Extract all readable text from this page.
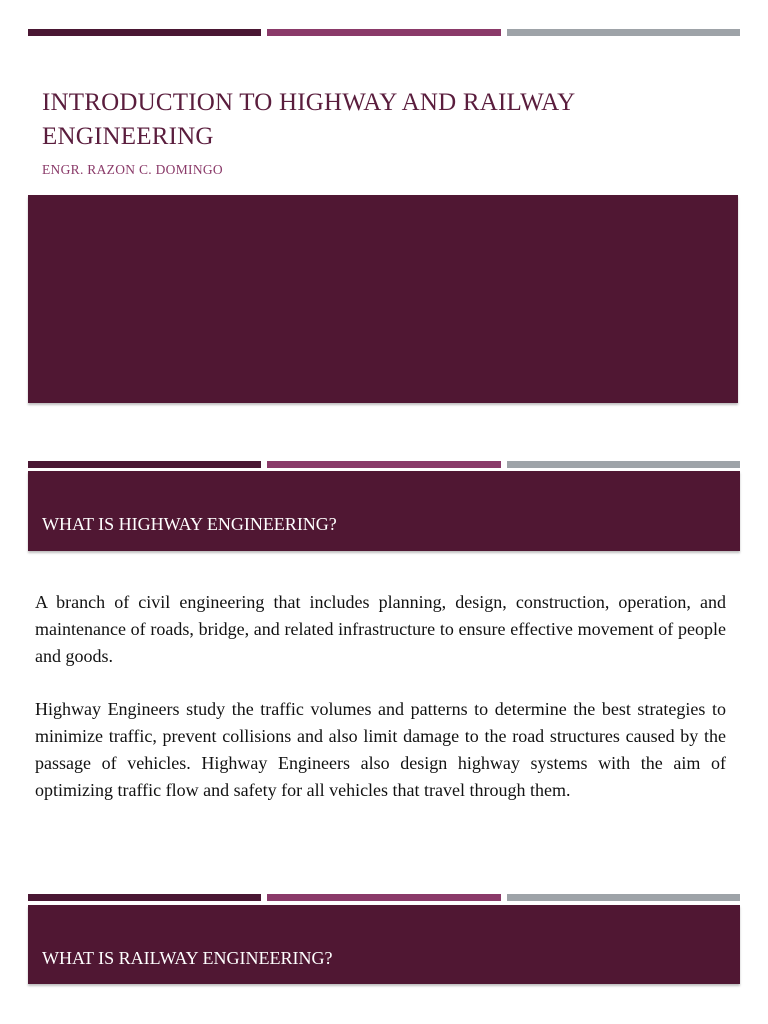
INTRODUCTION TO HIGHWAY AND RAILWAY ENGINEERING

ENGR. RAZON C. DOMINGO

WHAT IS HIGHWAY ENGINEERING?

A branch of civil engineering that includes planning, design, construction, operation, and maintenance of roads, bridge, and related infrastructure to ensure effective movement of people and goods.

Highway Engineers study the traffic volumes and patterns to determine the best strategies to minimize traffic, prevent collisions and also limit damage to the road structures caused by the passage of vehicles. Highway Engineers also design highway systems with the aim of optimizing traffic flow and safety for all vehicles that travel through them.

WHAT IS RAILWAY ENGINEERING?
